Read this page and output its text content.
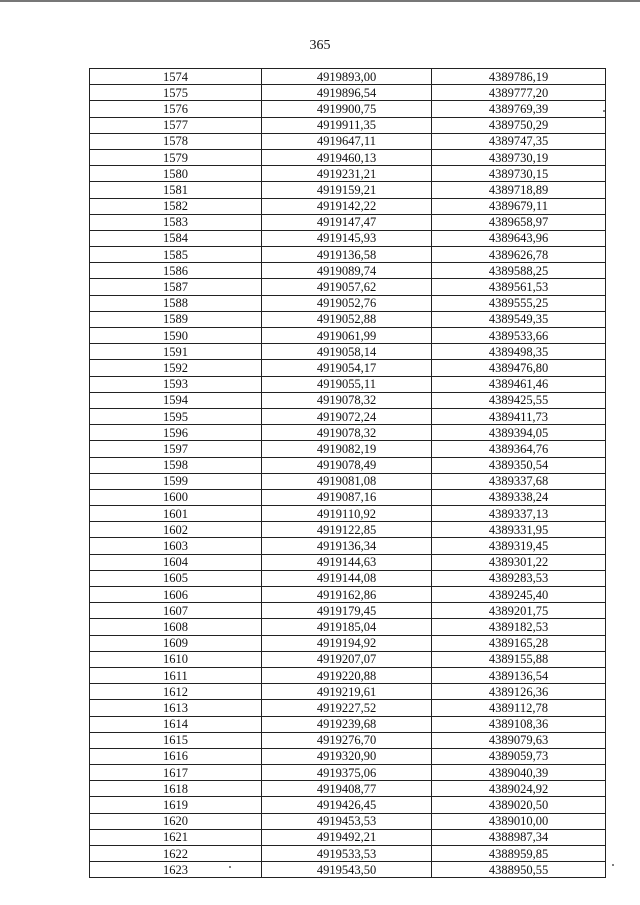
365
1574	4919893,00	4389786,19
1575	4919896,54	4389777,20
1576	4919900,75	4389769,39
1577	4919911,35	4389750,29
1578	4919647,11	4389747,35
1579	4919460,13	4389730,19
1580	4919231,21	4389730,15
1581	4919159,21	4389718,89
1582	4919142,22	4389679,11
1583	4919147,47	4389658,97
1584	4919145,93	4389643,96
1585	4919136,58	4389626,78
1586	4919089,74	4389588,25
1587	4919057,62	4389561,53
1588	4919052,76	4389555,25
1589	4919052,88	4389549,35
1590	4919061,99	4389533,66
1591	4919058,14	4389498,35
1592	4919054,17	4389476,80
1593	4919055,11	4389461,46
1594	4919078,32	4389425,55
1595	4919072,24	4389411,73
1596	4919078,32	4389394,05
1597	4919082,19	4389364,76
1598	4919078,49	4389350,54
1599	4919081,08	4389337,68
1600	4919087,16	4389338,24
1601	4919110,92	4389337,13
1602	4919122,85	4389331,95
1603	4919136,34	4389319,45
1604	4919144,63	4389301,22
1605	4919144,08	4389283,53
1606	4919162,86	4389245,40
1607	4919179,45	4389201,75
1608	4919185,04	4389182,53
1609	4919194,92	4389165,28
1610	4919207,07	4389155,88
1611	4919220,88	4389136,54
1612	4919219,61	4389126,36
1613	4919227,52	4389112,78
1614	4919239,68	4389108,36
1615	4919276,70	4389079,63
1616	4919320,90	4389059,73
1617	4919375,06	4389040,39
1618	4919408,77	4389024,92
1619	4919426,45	4389020,50
1620	4919453,53	4389010,00
1621	4919492,21	4388987,34
1622	4919533,53	4388959,85
1623	4919543,50	4388950,55
